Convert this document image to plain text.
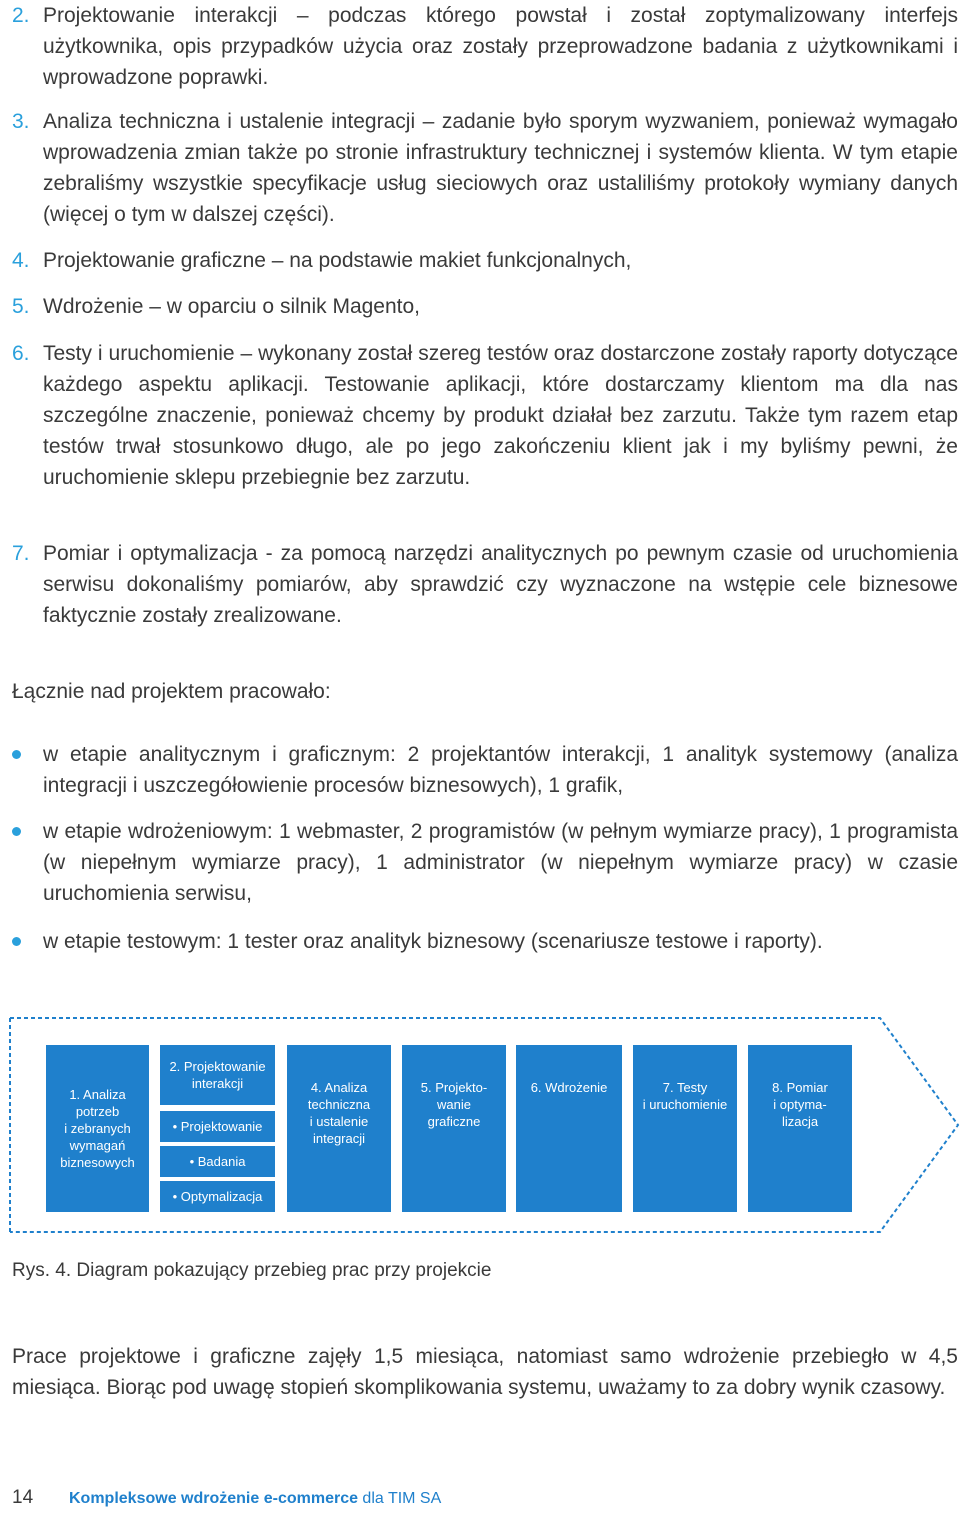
2. Projektowanie interakcji – podczas którego powstał i został zoptymalizowany interfejs użytkownika, opis przypadków użycia oraz zostały przeprowadzone badania z użytkownikami i wprowadzone poprawki.
3. Analiza techniczna i ustalenie integracji – zadanie było sporym wyzwaniem, ponieważ wymagało wprowadzenia zmian także po stronie infrastruktury technicznej i systemów klienta. W tym etapie zebraliśmy wszystkie specyfikacje usług sieciowych oraz ustaliliśmy protokoły wymiany danych (więcej o tym w dalszej części).
4. Projektowanie graficzne – na podstawie makiet funkcjonalnych,
5. Wdrożenie – w oparciu o silnik Magento,
6. Testy i uruchomienie – wykonany został szereg testów oraz dostarczone zostały raporty dotyczące każdego aspektu aplikacji. Testowanie aplikacji, które dostarczamy klientom ma dla nas szczególne znaczenie, ponieważ chcemy by produkt działał bez zarzutu. Także tym razem etap testów trwał stosunkowo długo, ale po jego zakończeniu klient jak i my byliśmy pewni, że uruchomienie sklepu przebiegnie bez zarzutu.
7. Pomiar i optymalizacja - za pomocą narzędzi analitycznych po pewnym czasie od uruchomienia serwisu dokonaliśmy pomiarów, aby sprawdzić czy wyznaczone na wstępie cele biznesowe faktycznie zostały zrealizowane.
Łącznie nad projektem pracowało:
w etapie analitycznym i graficznym: 2 projektantów interakcji, 1 analityk systemowy (analiza integracji i uszczegółowienie procesów biznesowych), 1 grafik,
w etapie wdrożeniowym: 1 webmaster, 2 programistów (w pełnym wymiarze pracy), 1 programista (w niepełnym wymiarze pracy), 1 administrator (w niepełnym wymiarze pracy) w czasie uruchomienia serwisu,
w etapie testowym: 1 tester oraz analityk biznesowy (scenariusze testowe i raporty).
1. Analiza
potrzeb
i zebranych
wymagań
biznesowych
2. Projektowanie
interakcji
• Projektowanie
• Badania
• Optymalizacja
4. Analiza
techniczna
i ustalenie
integracji
5. Projekto-
wanie
graficzne
6. Wdrożenie	7. Testy
i uruchomienie
8. Pomiar
i optyma-
lizacja
Rys. 4. Diagram pokazujący przebieg prac przy projekcie
Prace projektowe i graficzne zajęły 1,5 miesiąca, natomiast samo wdrożenie przebiegło w 4,5 miesiąca. Biorąc pod uwagę stopień skomplikowania systemu, uważamy to za dobry wynik czasowy.
14 Kompleksowe wdrożenie e-commerce dla TIM SA
